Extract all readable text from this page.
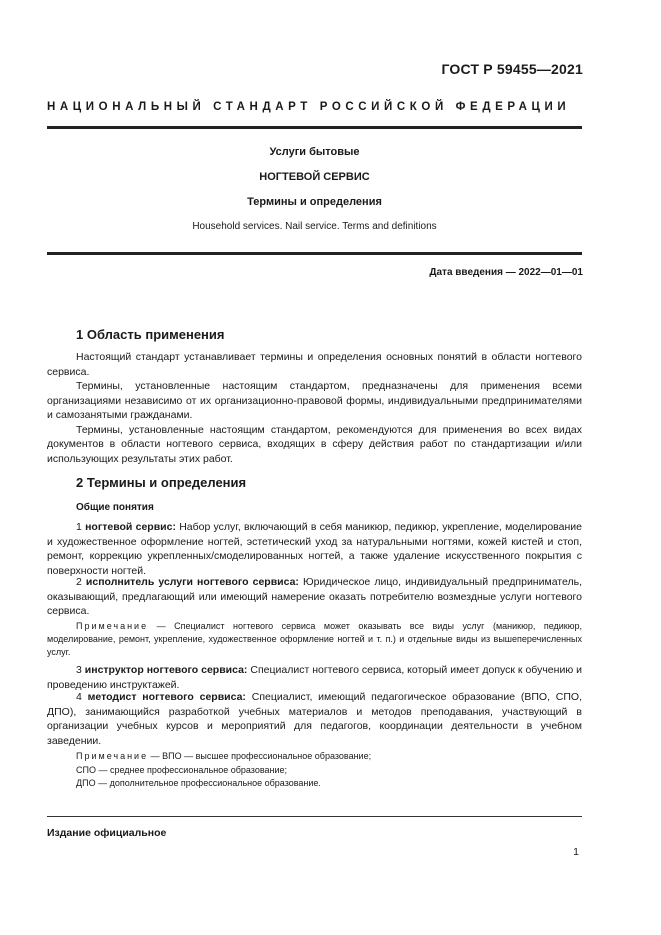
ГОСТ Р 59455—2021
НАЦИОНАЛЬНЫЙ СТАНДАРТ РОССИЙСКОЙ ФЕДЕРАЦИИ
Услуги бытовые
НОГТЕВОЙ СЕРВИС
Термины и определения
Household services. Nail service. Terms and definitions
Дата введения — 2022—01—01
1 Область применения

Настоящий стандарт устанавливает термины и определения основных понятий в области ногтевого сервиса.

Термины, установленные настоящим стандартом, предназначены для применения всеми организациями независимо от их организационно-правовой формы, индивидуальными предпринимателями и самозанятыми гражданами.

Термины, установленные настоящим стандартом, рекомендуются для применения во всех видах документов в области ногтевого сервиса, входящих в сферу действия работ по стандартизации и/или использующих результаты этих работ.

2 Термины и определения
Общие понятия

1 ногтевой сервис: Набор услуг, включающий в себя маникюр, педикюр, укрепление, моделирование и художественное оформление ногтей, эстетический уход за натуральными ногтями, кожей кистей и стоп, ремонт, коррекцию укрепленных/смоделированных ногтей, а также удаление искусственного покрытия с поверхности ногтей.

2 исполнитель услуги ногтевого сервиса: Юридическое лицо, индивидуальный предприниматель, оказывающий, предлагающий или имеющий намерение оказать потребителю возмездные услуги ногтевого сервиса.

Примечание — Специалист ногтевого сервиса может оказывать все виды услуг (маникюр, педикюр, моделирование, ремонт, укрепление, художественное оформление ногтей и т. п.) и отдельные виды из вышеперечисленных услуг.

3 инструктор ногтевого сервиса: Специалист ногтевого сервиса, который имеет допуск к обучению и проведению инструктажей.

4 методист ногтевого сервиса: Специалист, имеющий педагогическое образование (ВПО, СПО, ДПО), занимающийся разработкой учебных материалов и методов преподавания, участвующий в организации учебных курсов и мероприятий для педагогов, координации деятельности в учебном заведении.

Примечание — ВПО — высшее профессиональное образование;
СПО — среднее профессиональное образование;
ДПО — дополнительное профессиональное образование.
Издание официальное
1
